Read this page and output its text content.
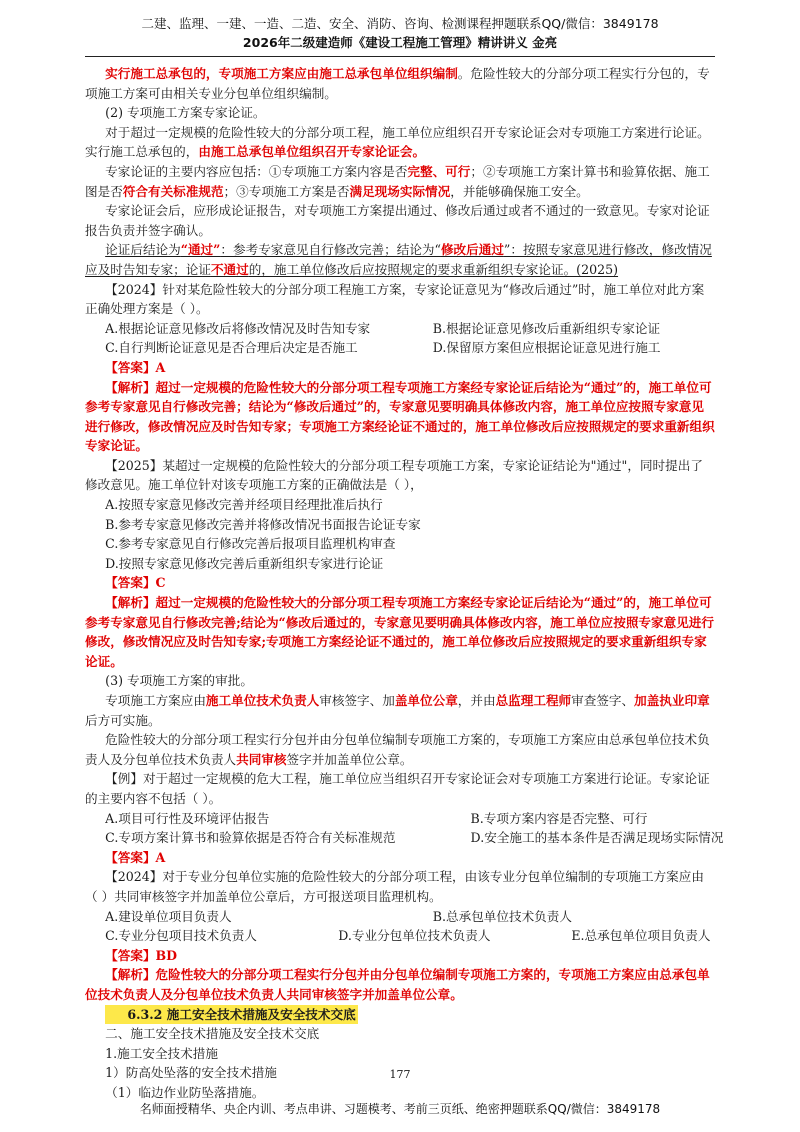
二建、监理、一建、一造、二造、安全、消防、咨询、检测课程押题联系QQ/微信：3849178
2026年二级建造师《建设工程施工管理》精讲讲义 金亮

实行施工总承包的，专项施工方案应由施工总承包单位组织编制。危险性较大的分部分项工程实行分包的，专项施工方案可由相关专业分包单位组织编制。

(2) 专项施工方案专家论证。

对于超过一定规模的危险性较大的分部分项工程，施工单位应组织召开专家论证会对专项施工方案进行论证。实行施工总承包的，由施工总承包单位组织召开专家论证会。

专家论证的主要内容应包括：①专项施工方案内容是否完整、可行；②专项施工方案计算书和验算依据、施工图是否符合有关标准规范；③专项施工方案是否满足现场实际情况，并能够确保施工安全。

专家论证会后，应形成论证报告，对专项施工方案提出通过、修改后通过或者不通过的一致意见。专家对论证报告负责并签字确认。

论证后结论为“通过”：参考专家意见自行修改完善；结论为“修改后通过”：按照专家意见进行修改，修改情况应及时告知专家；论证不通过的，施工单位修改后应按照规定的要求重新组织专家论证。(2025)

【2024】针对某危险性较大的分部分项工程施工方案，专家论证意见为“修改后通过”时，施工单位对此方案正确处理方案是（ ）。

A.根据论证意见修改后将修改情况及时告知专家	B.根据论证意见修改后重新组织专家论证
C.自行判断论证意见是否合理后决定是否施工	D.保留原方案但应根据论证意见进行施工

【答案】A

【解析】超过一定规模的危险性较大的分部分项工程专项施工方案经专家论证后结论为“通过”的，施工单位可参考专家意见自行修改完善；结论为“修改后通过”的，专家意见要明确具体修改内容，施工单位应按照专家意见进行修改，修改情况应及时告知专家；专项施工方案经论证不通过的，施工单位修改后应按照规定的要求重新组织专家论证。

【2025】某超过一定规模的危险性较大的分部分项工程专项施工方案，专家论证结论为"通过"，同时提出了修改意见。施工单位针对该专项施工方案的正确做法是（ ），

A.按照专家意见修改完善并经项目经理批准后执行

B.参考专家意见修改完善并将修改情况书面报告论证专家

C.参考专家意见自行修改完善后报项目监理机构审查

D.按照专家意见修改完善后重新组织专家进行论证

【答案】C

【解析】超过一定规模的危险性较大的分部分项工程专项施工方案经专家论证后结论为“通过”的，施工单位可参考专家意见自行修改完善;结论为“修改后通过的，专家意见要明确具体修改内容，施工单位应按照专家意见进行修改，修改情况应及时告知专家;专项施工方案经论证不通过的，施工单位修改后应按照规定的要求重新组织专家论证。

(3) 专项施工方案的审批。

专项施工方案应由施工单位技术负责人审核签字、加盖单位公章，并由总监理工程师审查签字、加盖执业印章后方可实施。

危险性较大的分部分项工程实行分包并由分包单位编制专项施工方案的，专项施工方案应由总承包单位技术负责人及分包单位技术负责人共同审核签字并加盖单位公章。

【例】对于超过一定规模的危大工程，施工单位应当组织召开专家论证会对专项施工方案进行论证。专家论证的主要内容不包括（ ）。

A.项目可行性及环境评估报告	B.专项方案内容是否完整、可行
C.专项方案计算书和验算依据是否符合有关标准规范	D.安全施工的基本条件是否满足现场实际情况

【答案】A

【2024】对于专业分包单位实施的危险性较大的分部分项工程，由该专业分包单位编制的专项施工方案应由（ ）共同审核签字并加盖单位公章后，方可报送项目监理机构。

A.建设单位项目负责人	B.总承包单位技术负责人
C.专业分包项目技术负责人	D.专业分包单位技术负责人	E.总承包单位项目负责人

【答案】BD

【解析】危险性较大的分部分项工程实行分包并由分包单位编制专项施工方案的，专项施工方案应由总承包单位技术负责人及分包单位技术负责人共同审核签字并加盖单位公章。

6.3.2 施工安全技术措施及安全技术交底

二、施工安全技术措施及安全技术交底

1.施工安全技术措施

1）防高处坠落的安全技术措施

（1）临边作业防坠落措施。

177
名师面授精华、央企内训、考点串讲、习题模考、考前三页纸、绝密押题联系QQ/微信：3849178
